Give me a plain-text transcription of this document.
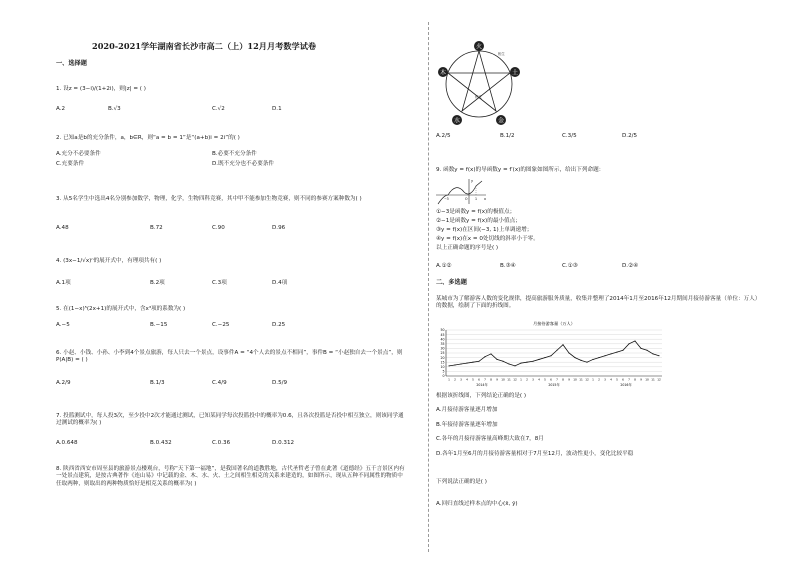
2020-2021学年湖南省长沙市高二（上）12月月考数学试卷
一、选择题
1. 设z = (3−i)/(1+2i)，则|z| = ( )
A.2	B.√3	C.√2	D.1
2. 已知a是b的充分条件，a，b∈R，则“a = b = 1”是“(a+b)i = 2i”的( )
A.充分不必要条件	B.必要不充分条件
C.充要条件	D.既不充分也不必要条件
3. 从5名学生中选出4名分别参加数学，物理，化学，生物四科竞赛，其中甲不能参加生物竞赛，则不同的参赛方案种数为( )
A.48	B.72	C.90	D.96
4. (3x−1/√x)ⁿ的展开式中，有理项共有( )
A.1项	B.2项	C.3项	D.4项
5. 在(1−x)⁵(2x+1)的展开式中，含x³项的系数为( )
A.−5	B.−15	C.−25	D.25
6. 小赵、小钱、小孙、小李到4个景点旅游，每人只去一个景点，设事件A = “4个人去的景点不相同”，事件B = “小赵独自去一个景点”，则P(A|B) = ( )
A.2/9	B.1/3	C.4/9	D.5/9
7. 投篮测试中，每人投3次，至少投中2次才能通过测试，已知某同学每次投篮投中的概率为0.6，且各次投篮是否投中相互独立，则该同学通过测试的概率为( )
A.0.648	B.0.432	C.0.36	D.0.312
8. 陕西省西安市周至县的旅游景点楼观台，号称“天下第一福地”，是我国著名的道教胜地，古代圣哲老子曾在此著《道德经》五千言景区内有一处景点建筑，是按古典著作《连山易》中记载的金、木、水、火、土之间相生相克的关系来建造的，如图所示，现从五种不同属性的物质中任取两种，则取出的两种物质恰好是相克关系的概率为( )
火
土
金
水
木
相生
相克
A.2/5	B.1/2	C.3/5	D.2/5
9. 函数y = f(x)的导函数y = f′(x)的图象如图所示，给出下列命题：
y
x
−3	O 1
①−3是函数y = f(x)的极值点；
②−1是函数y = f(x)的最小值点；
③y = f(x)在区间(−3, 1)上单调递增；
④y = f(x)在x = 0处切线的斜率小于零。
以上正确命题的序号是( )
A.①②	B.③④	C.①③	D.②④
二、多选题
某城市为了解游客人数的变化规律，提高旅游服务质量，收集并整理了2014年1月至2016年12月期间月接待游客量（单位：万人）的数据，绘制了下面的折线图。
月接待游客量（万人）
0
5
10
15
20
25
30
35
40
45
50
1 2 3 4 5 6 7 8 9 10 11 12 1 2 3 4 5 6 7 8 9 10 11 12 1 2 3 4 5 6 7 8 9 10 11 12
2014年	2015年	2016年
根据该折线图，下列结论正确的是( )
A.月接待游客量逐月增加
B.年接待游客量逐年增加
C.各年的月接待游客量高峰期大致在7，8月
D.各年1月至6月的月接待游客量相对于7月至12月，波动性更小，变化比较平稳
下列说法正确的是( )
A.回归直线过样本点的中心(x̄, ȳ)
